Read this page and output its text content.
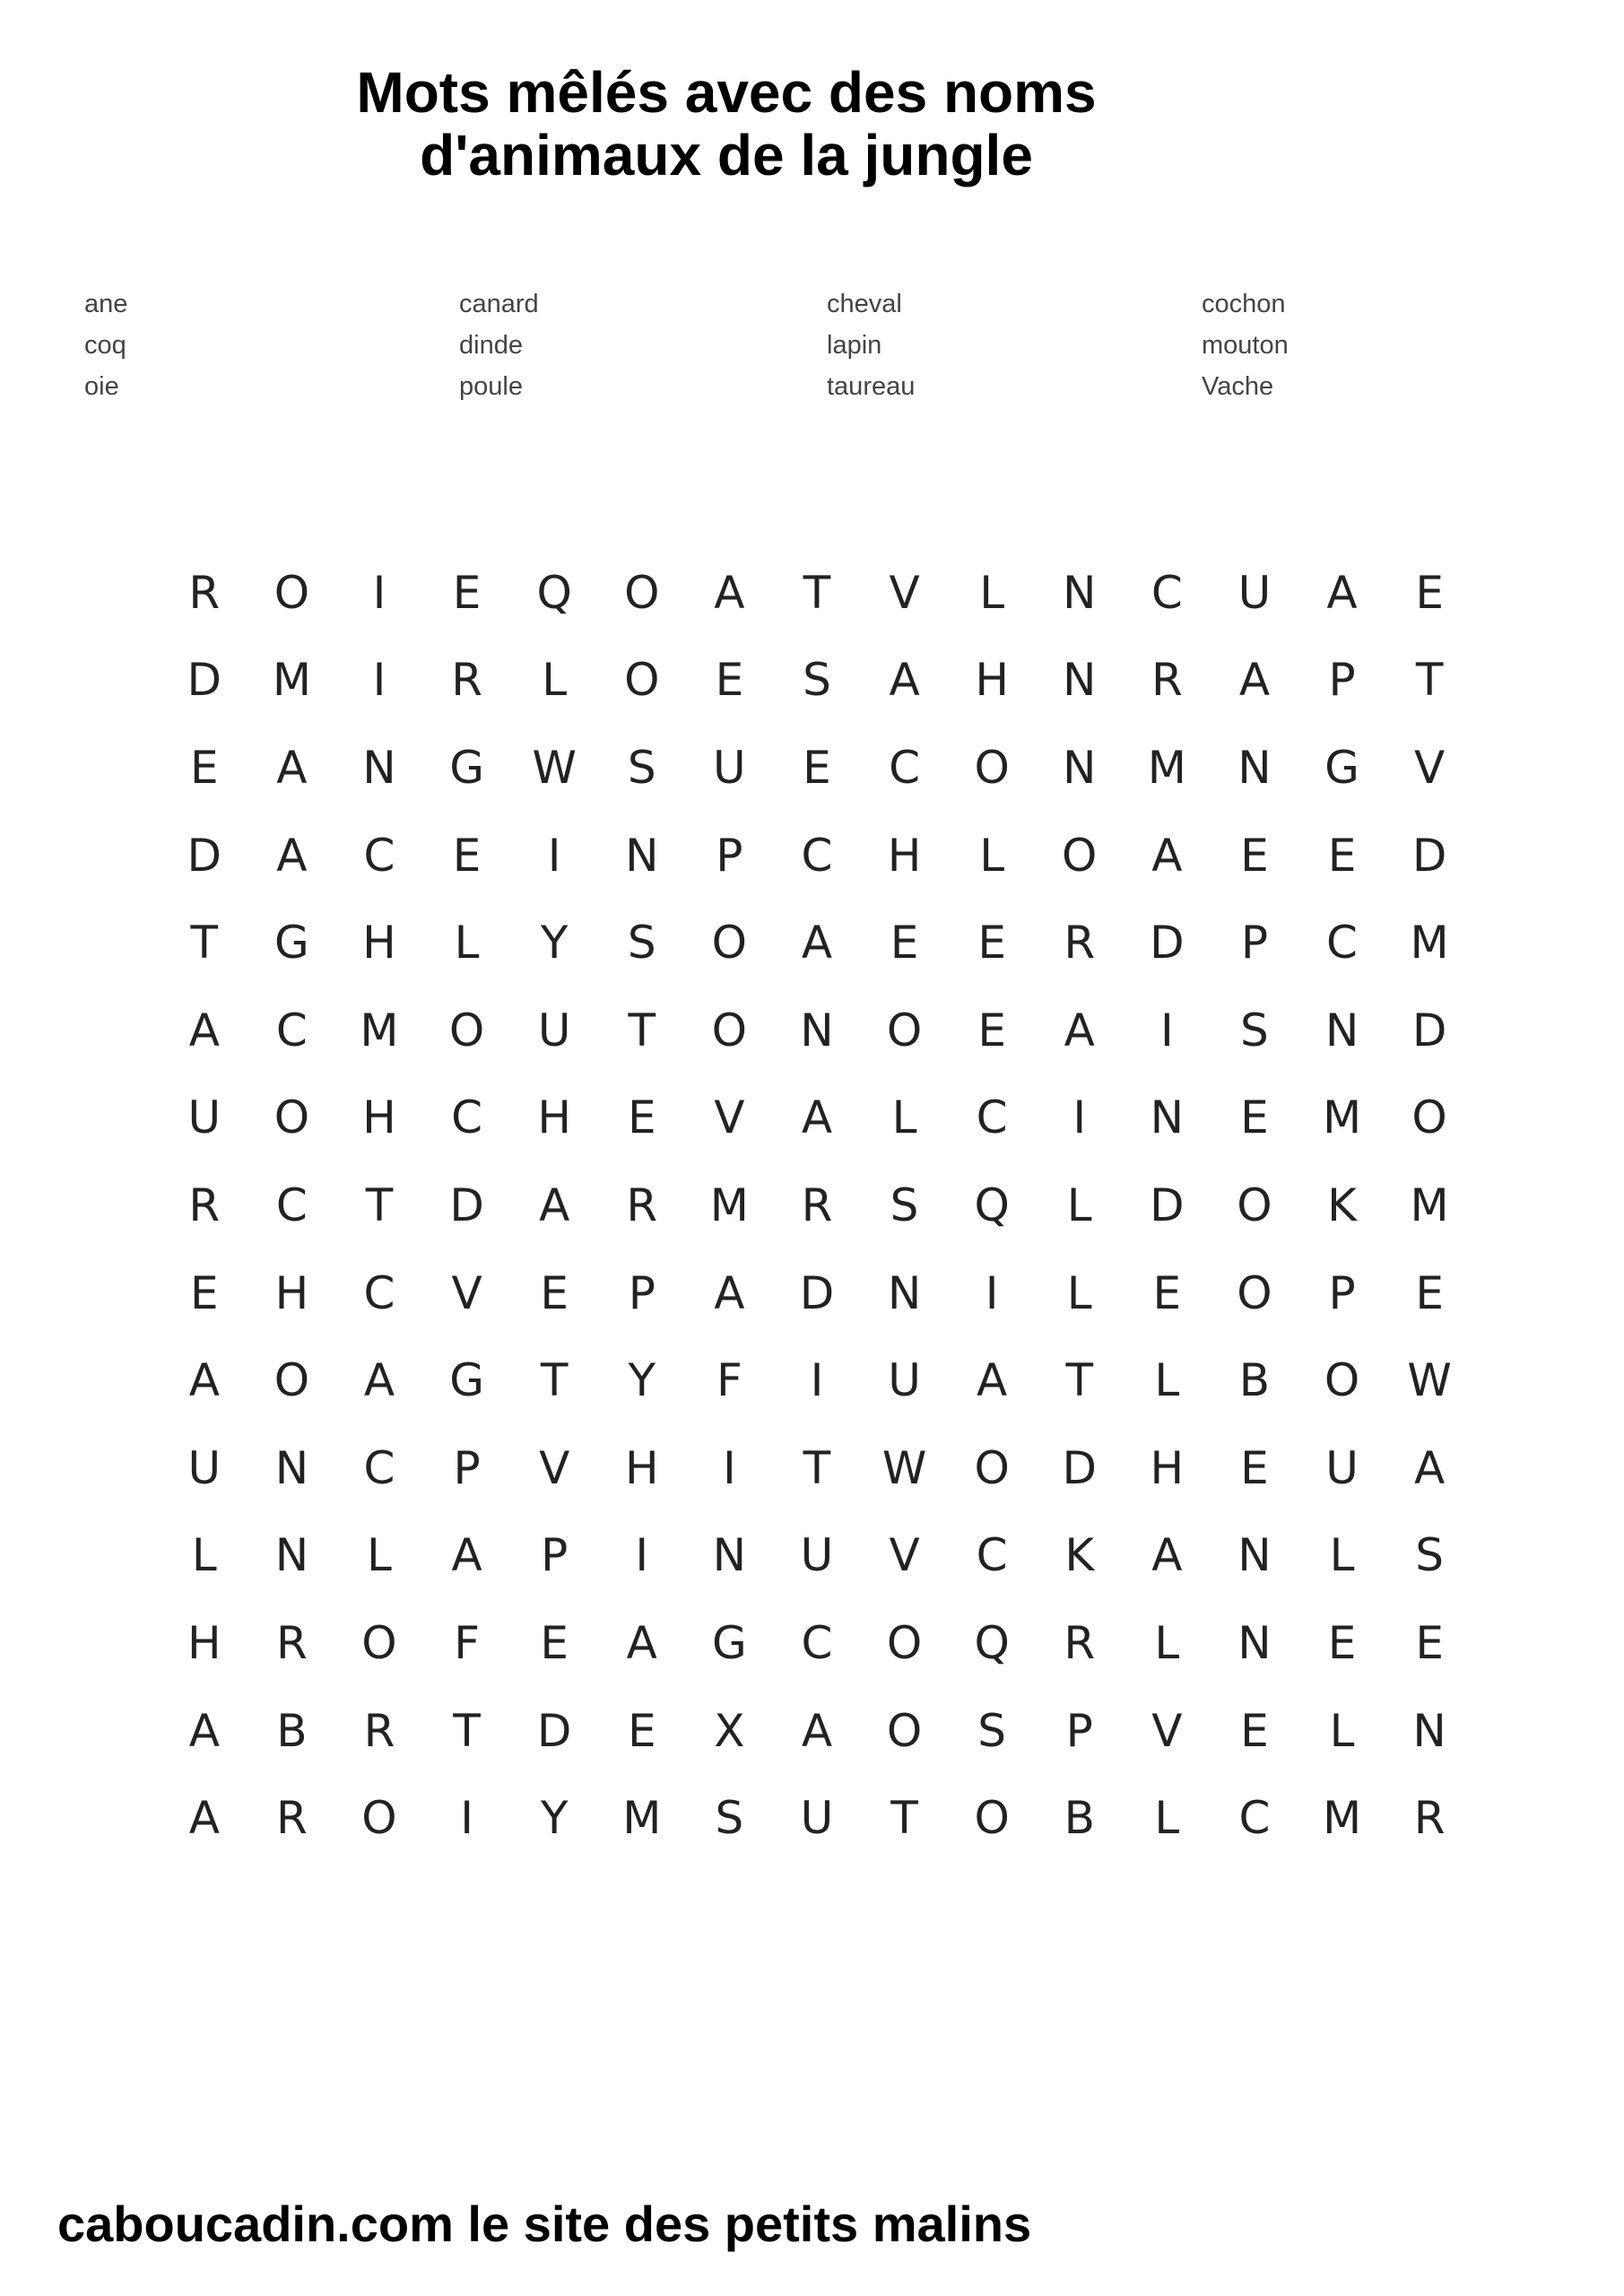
Mots mêlés avec des noms
d'animaux de la jungle
ane	canard	cheval	cochon
coq	dinde	lapin	mouton
oie	poule	taureau	Vache
R	O	I	E	Q	O	A	T	V	L	N	C	U	A	E
D	M	I	R	L	O	E	S	A	H	N	R	A	P	T
E	A	N	G	W	S	U	E	C	O	N	M	N	G	V
D	A	C	E	I	N	P	C	H	L	O	A	E	E	D
T	G	H	L	Y	S	O	A	E	E	R	D	P	C	M
A	C	M	O	U	T	O	N	O	E	A	I	S	N	D
U	O	H	C	H	E	V	A	L	C	I	N	E	M	O
R	C	T	D	A	R	M	R	S	Q	L	D	O	K	M
E	H	C	V	E	P	A	D	N	I	L	E	O	P	E
A	O	A	G	T	Y	F	I	U	A	T	L	B	O	W
U	N	C	P	V	H	I	T	W	O	D	H	E	U	A
L	N	L	A	P	I	N	U	V	C	K	A	N	L	S
H	R	O	F	E	A	G	C	O	Q	R	L	N	E	E
A	B	R	T	D	E	X	A	O	S	P	V	E	L	N
A	R	O	I	Y	M	S	U	T	O	B	L	C	M	R
caboucadin.com le site des petits malins
